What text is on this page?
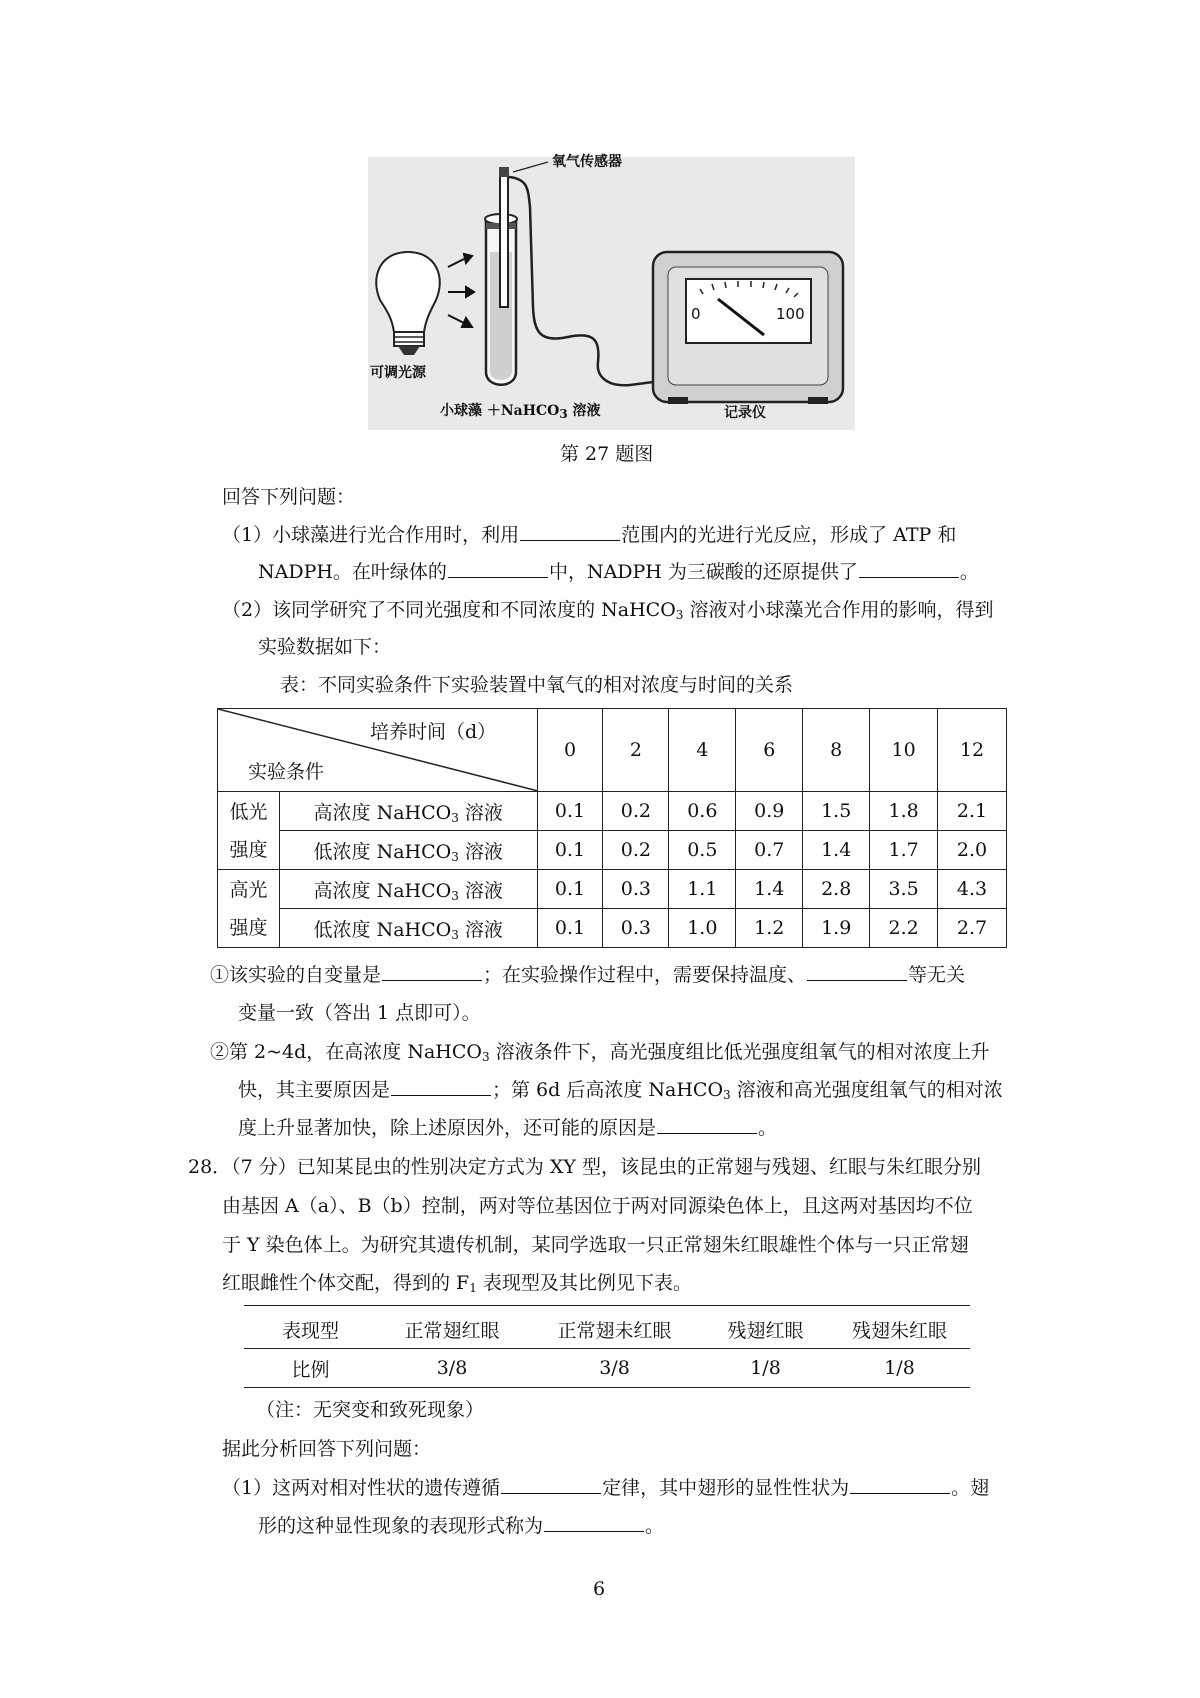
氧气传感器
可调光源
小球藻 ＋NaHCO$_3$ 溶液	记录仪
0	100
第 27 题图
回答下列问题：
（1）小球藻进行光合作用时，利用	范围内的光进行光反应，形成了 ATP 和
NADPH。在叶绿体的	中，NADPH 为三碳酸的还原提供了	。
（2）该同学研究了不同光强度和不同浓度的 NaHCO$_3$ 溶液对小球藻光合作用的影响，得到
实验数据如下：
表：不同实验条件下实验装置中氧气的相对浓度与时间的关系
培养时间（d）
实验条件		0	2	4	6	8	10	12

低光
强度	高浓度 NaHCO$_3$ 溶液	0.1	0.2	0.6	0.9	1.5	1.8	2.1
	低浓度 NaHCO$_3$ 溶液	0.1	0.2	0.5	0.7	1.4	1.7	2.0

高光
强度	高浓度 NaHCO$_3$ 溶液	0.1	0.3	1.1	1.4	2.8	3.5	4.3
	低浓度 NaHCO$_3$ 溶液	0.1	0.3	1.0	1.2	1.9	2.2	2.7
①该实验的自变量是	；在实验操作过程中，需要保持温度、	等无关
变量一致（答出 1 点即可）。
②第 2~4d，在高浓度 NaHCO$_3$ 溶液条件下，高光强度组比低光强度组氧气的相对浓度上升
快，其主要原因是	；第 6d 后高浓度 NaHCO$_3$ 溶液和高光强度组氧气的相对浓
度上升显著加快，除上述原因外，还可能的原因是	。
28．（7 分）已知某昆虫的性别决定方式为 XY 型，该昆虫的正常翅与残翅、红眼与朱红眼分别
由基因 A（a）、B（b）控制，两对等位基因位于两对同源染色体上，且这两对基因均不位
于 Y 染色体上。为研究其遗传机制，某同学选取一只正常翅朱红眼雄性个体与一只正常翅
红眼雌性个体交配，得到的 $F_1$ 表现型及其比例见下表。
表现型	正常翅红眼	正常翅未红眼	残翅红眼	残翅朱红眼
比例	3/8	3/8	1/8	1/8
（注：无突变和致死现象）
据此分析回答下列问题：
（1）这两对相对性状的遗传遵循	定律，其中翅形的显性性状为	。翅
形的这种显性现象的表现形式称为	。
6
